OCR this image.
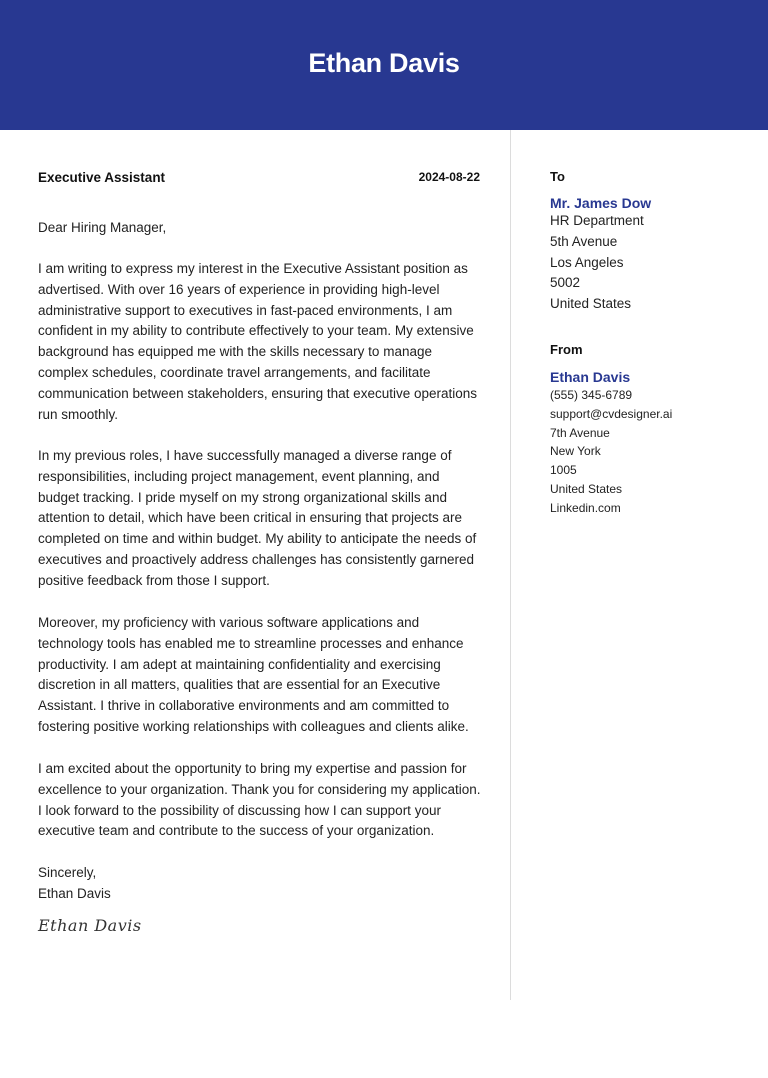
Ethan Davis
Executive Assistant	2024-08-22
Dear Hiring Manager,
I am writing to express my interest in the Executive Assistant position as advertised. With over 16 years of experience in providing high-level administrative support to executives in fast-paced environments, I am confident in my ability to contribute effectively to your team. My extensive background has equipped me with the skills necessary to manage complex schedules, coordinate travel arrangements, and facilitate communication between stakeholders, ensuring that executive operations run smoothly.
In my previous roles, I have successfully managed a diverse range of responsibilities, including project management, event planning, and budget tracking. I pride myself on my strong organizational skills and attention to detail, which have been critical in ensuring that projects are completed on time and within budget. My ability to anticipate the needs of executives and proactively address challenges has consistently garnered positive feedback from those I support.
Moreover, my proficiency with various software applications and technology tools has enabled me to streamline processes and enhance productivity. I am adept at maintaining confidentiality and exercising discretion in all matters, qualities that are essential for an Executive Assistant. I thrive in collaborative environments and am committed to fostering positive working relationships with colleagues and clients alike.
I am excited about the opportunity to bring my expertise and passion for excellence to your organization. Thank you for considering my application. I look forward to the possibility of discussing how I can support your executive team and contribute to the success of your organization.
Sincerely,
Ethan Davis
Ethan Davis
To
Mr. James Dow
HR Department
5th Avenue
Los Angeles
5002
United States
From
Ethan Davis
(555) 345-6789
support@cvdesigner.ai
7th Avenue
New York
1005
United States
Linkedin.com
